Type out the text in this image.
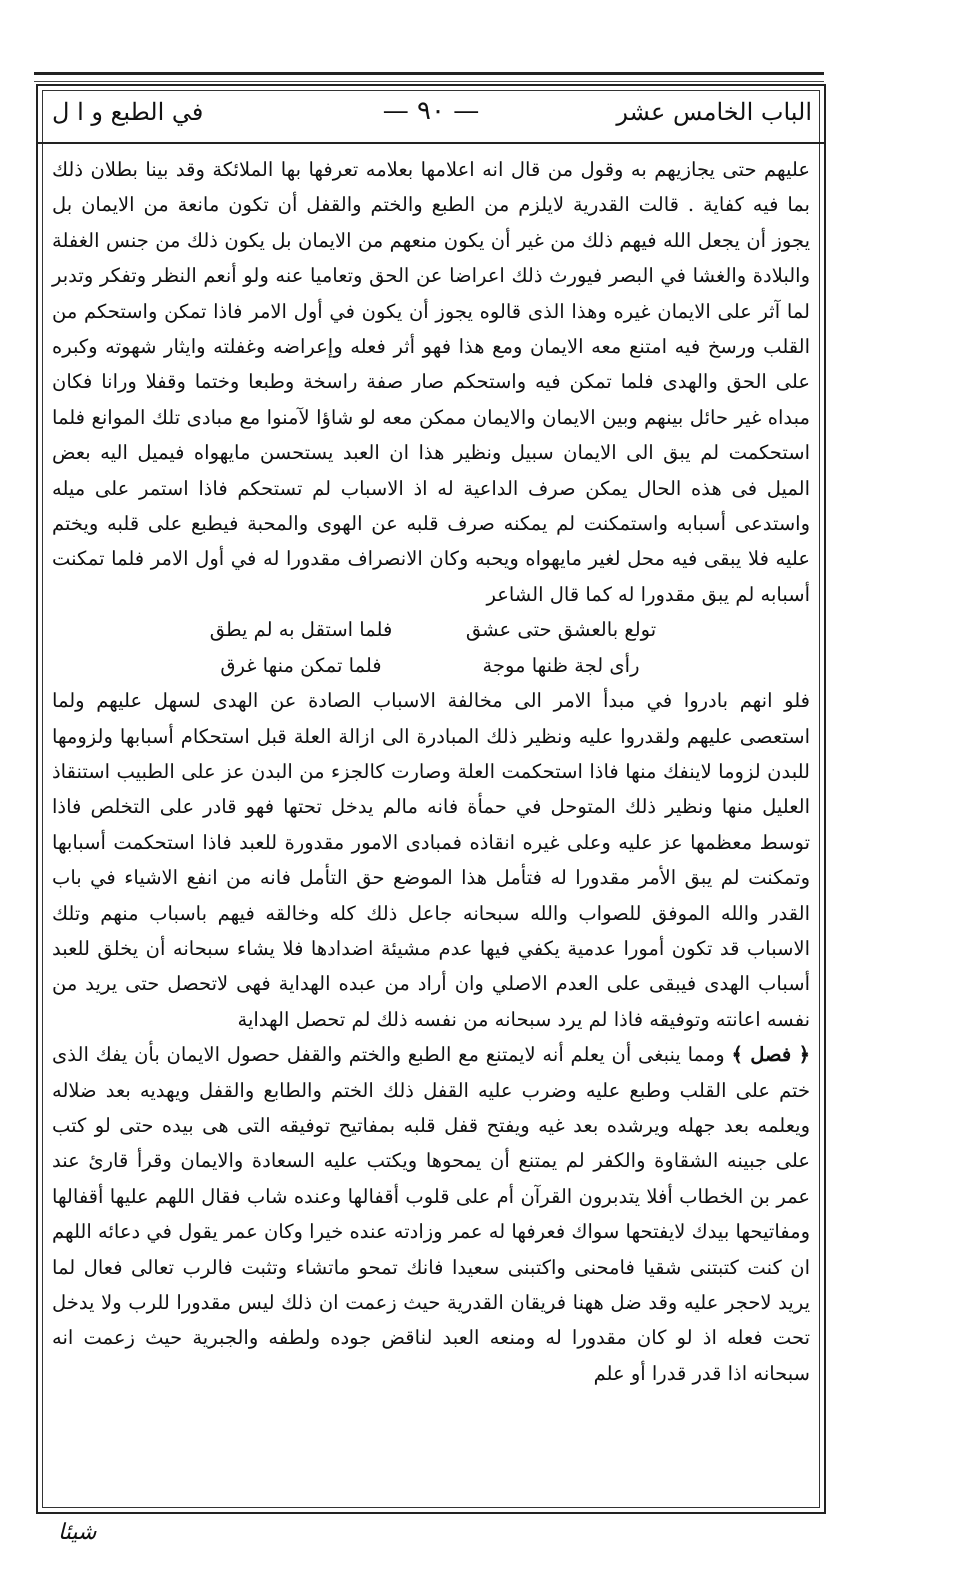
الباب الخامس عشر
— ٩٠ —
في الطبع و ا ل

عليهم حتى يجازيهم به وقول من قال انه اعلامها بعلامه تعرفها بها الملائكة وقد بينا بطلان ذلك بما فيه كفاية . قالت القدرية لايلزم من الطبع والختم والقفل أن تكون مانعة من الايمان بل يجوز أن يجعل الله فيهم ذلك من غير أن يكون منعهم من الايمان بل يكون ذلك من جنس الغفلة والبلادة والغشا في البصر فيورث ذلك اعراضا عن الحق وتعاميا عنه ولو أنعم النظر وتفكر وتدبر لما آثر على الايمان غيره وهذا الذى قالوه يجوز أن يكون في أول الامر فاذا تمكن واستحكم من القلب ورسخ فيه امتنع معه الايمان ومع هذا فهو أثر فعله وإعراضه وغفلته وايثار شهوته وكبره على الحق والهدى فلما تمكن فيه واستحكم صار صفة راسخة وطبعا وختما وقفلا ورانا فكان مبداه غير حائل بينهم وبين الايمان والايمان ممكن معه لو شاؤا لآمنوا مع مبادى تلك الموانع فلما استحكمت لم يبق الى الايمان سبيل ونظير هذا ان العبد يستحسن مايهواه فيميل اليه بعض الميل فى هذه الحال يمكن صرف الداعية له اذ الاسباب لم تستحكم فاذا استمر على ميله واستدعى أسبابه واستمكنت لم يمكنه صرف قلبه عن الهوى والمحبة فيطبع على قلبه ويختم عليه فلا يبقى فيه محل لغير مايهواه ويحبه وكان الانصراف مقدورا له في أول الامر فلما تمكنت أسبابه لم يبق مقدورا له كما قال الشاعر

تولع بالعشق حتى عشق
فلما استقل به لم يطق
رأى لجة ظنها موجة
فلما تمكن منها غرق

فلو انهم بادروا في مبدأ الامر الى مخالفة الاسباب الصادة عن الهدى لسهل عليهم ولما استعصى عليهم ولقدروا عليه ونظير ذلك المبادرة الى ازالة العلة قبل استحكام أسبابها ولزومها للبدن لزوما لاينفك منها فاذا استحكمت العلة وصارت كالجزء من البدن عز على الطبيب استنقاذ العليل منها ونظير ذلك المتوحل في حمأة فانه مالم يدخل تحتها فهو قادر على التخلص فاذا توسط معظمها عز عليه وعلى غيره انقاذه فمبادى الامور مقدورة للعبد فاذا استحكمت أسبابها وتمكنت لم يبق الأمر مقدورا له فتأمل هذا الموضع حق التأمل فانه من انفع الاشياء في باب القدر والله الموفق للصواب والله سبحانه جاعل ذلك كله وخالقه فيهم باسباب منهم وتلك الاسباب قد تكون أمورا عدمية يكفي فيها عدم مشيئة اضدادها فلا يشاء سبحانه أن يخلق للعبد أسباب الهدى فيبقى على العدم الاصلي وان أراد من عبده الهداية فهى لاتحصل حتى يريد من نفسه اعانته وتوفيقه فاذا لم يرد سبحانه من نفسه ذلك لم تحصل الهداية

﴿ فصل ﴾ ومما ينبغى أن يعلم أنه لايمتنع مع الطبع والختم والقفل حصول الايمان بأن يفك الذى ختم على القلب وطبع عليه وضرب عليه القفل ذلك الختم والطابع والقفل ويهديه بعد ضلاله ويعلمه بعد جهله ويرشده بعد غيه ويفتح قفل قلبه بمفاتيح توفيقه التى هى بيده حتى لو كتب على جبينه الشقاوة والكفر لم يمتنع أن يمحوها ويكتب عليه السعادة والايمان وقرأ قارئ عند عمر بن الخطاب أفلا يتدبرون القرآن أم على قلوب أقفالها وعنده شاب فقال اللهم عليها أقفالها ومفاتيحها بيدك لايفتحها سواك فعرفها له عمر وزادته عنده خيرا وكان عمر يقول في دعائه اللهم ان كنت كتبتنى شقيا فامحنى واكتبنى سعيدا فانك تمحو ماتشاء وتثبت فالرب تعالى فعال لما يريد لاحجر عليه وقد ضل ههنا فريقان القدرية حيث زعمت ان ذلك ليس مقدورا للرب ولا يدخل تحت فعله اذ لو كان مقدورا له ومنعه العبد لناقض جوده ولطفه والجبرية حيث زعمت انه سبحانه اذا قدر قدرا أو علم

شيئا
